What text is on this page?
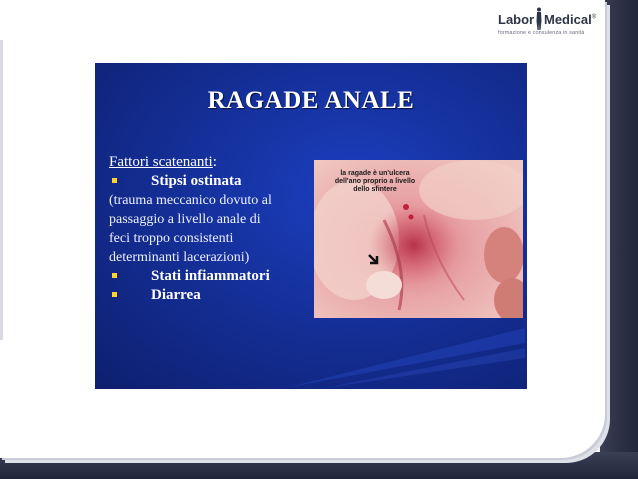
Labor Medical®
formazione e consulenza in sanità
RAGADE ANALE
Fattori scatenanti:
Stipsi ostinata
(trauma meccanico dovuto al
passaggio a livello anale di
feci troppo consistenti
determinanti lacerazioni)
Stati infiammatori
Diarrea
la ragade è un'ulcera
dell'ano proprio a livello
dello sfintere
